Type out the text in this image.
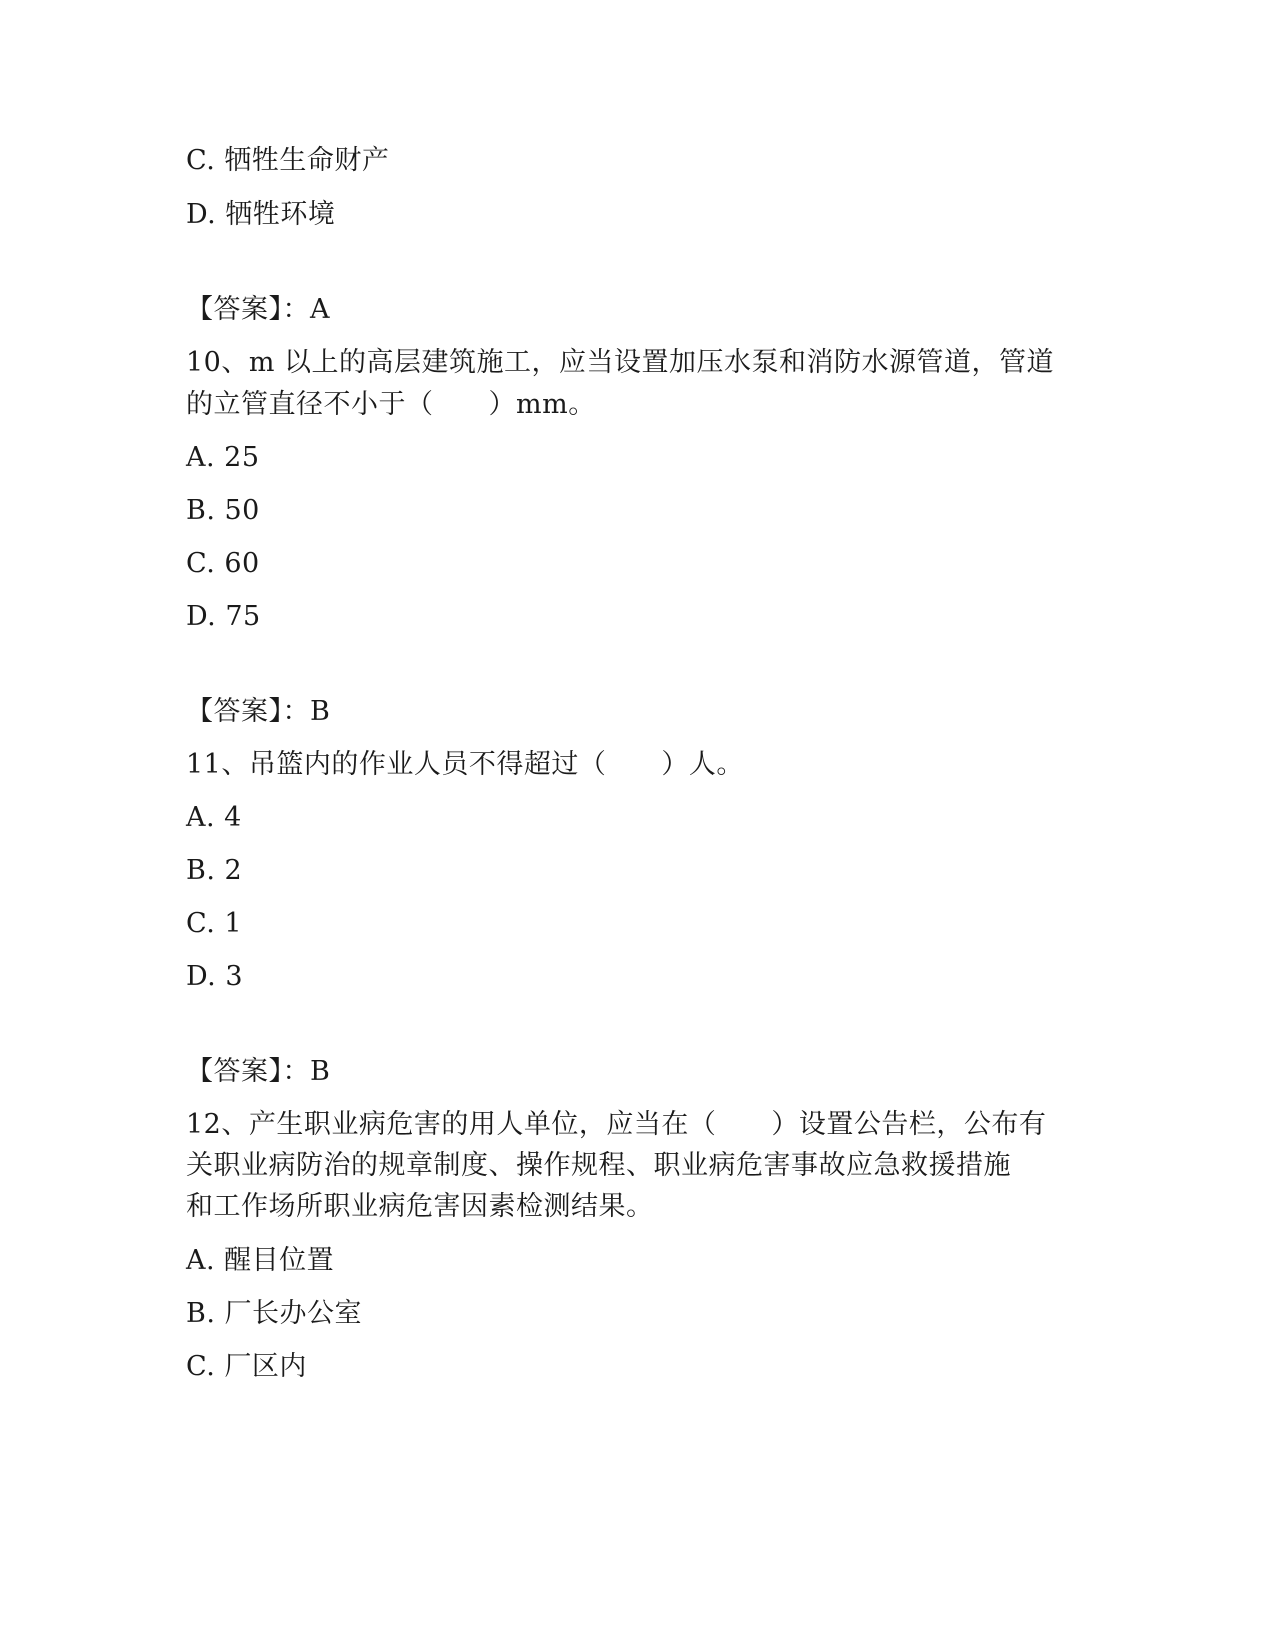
C. 牺牲生命财产
D. 牺牲环境
【答案】：A
10、m 以上的高层建筑施工，应当设置加压水泵和消防水源管道，管道
的立管直径不小于（　　）mm。
A. 25
B. 50
C. 60
D. 75
【答案】：B
11、吊篮内的作业人员不得超过（　　）人。
A. 4
B. 2
C. 1
D. 3
【答案】：B
12、产生职业病危害的用人单位，应当在（　　）设置公告栏，公布有
关职业病防治的规章制度、操作规程、职业病危害事故应急救援措施
和工作场所职业病危害因素检测结果。
A. 醒目位置
B. 厂长办公室
C. 厂区内
